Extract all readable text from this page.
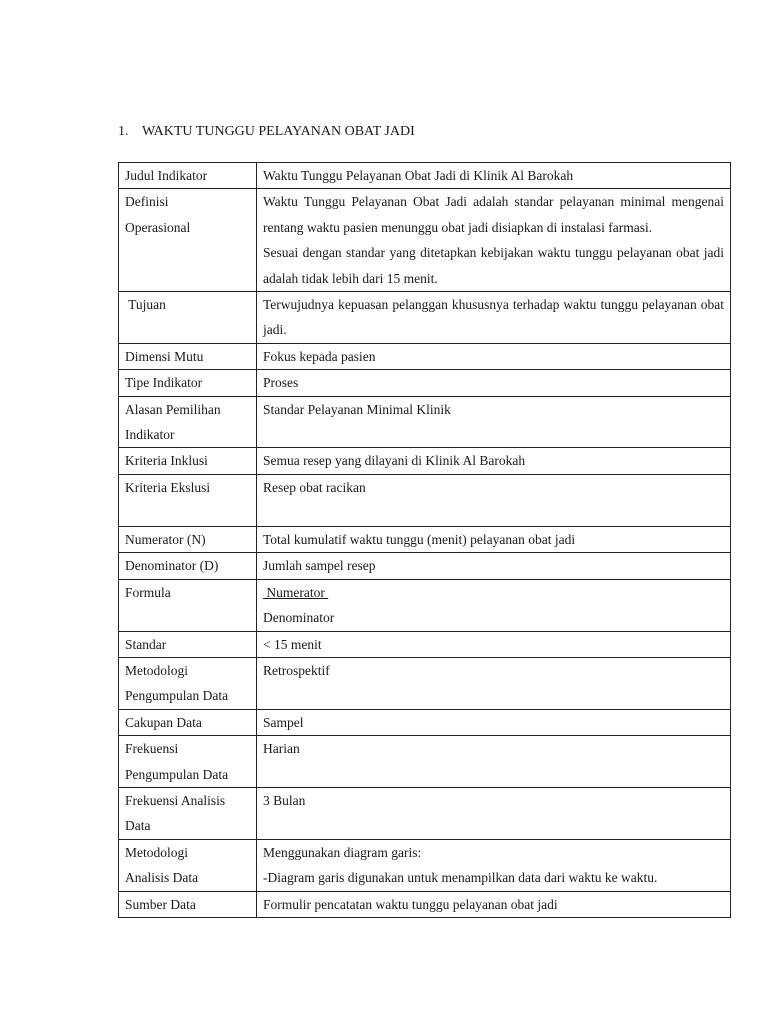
1. WAKTU TUNGGU PELAYANAN OBAT JADI
Judul Indikator	Waktu Tunggu Pelayanan Obat Jadi di Klinik Al Barokah

Definisi
Operasional	Waktu Tunggu Pelayanan Obat Jadi adalah standar pelayanan minimal mengenai rentang waktu pasien menunggu obat jadi disiapkan di instalasi farmasi.
Sesuai dengan standar yang ditetapkan kebijakan waktu tunggu pelayanan obat jadi adalah tidak lebih dari 15 menit.

Tujuan	Terwujudnya kepuasan pelanggan khususnya terhadap waktu tunggu pelayanan obat jadi.

Dimensi Mutu	Fokus kepada pasien

Tipe Indikator	Proses

Alasan Pemilihan
Indikator	Standar Pelayanan Minimal Klinik

Kriteria Inklusi	Semua resep yang dilayani di Klinik Al Barokah

Kriteria Ekslusi	Resep obat racikan

Numerator (N)	Total kumulatif waktu tunggu (menit) pelayanan obat jadi

Denominator (D)	Jumlah sampel resep

Formula	Numerator
Denominator

Standar	< 15 menit

Metodologi
Pengumpulan Data	Retrospektif

Cakupan Data	Sampel

Frekuensi
Pengumpulan Data	Harian

Frekuensi Analisis
Data	3 Bulan

Metodologi
Analisis Data	Menggunakan diagram garis:
-Diagram garis digunakan untuk menampilkan data dari waktu ke waktu.

Sumber Data	Formulir pencatatan waktu tunggu pelayanan obat jadi
